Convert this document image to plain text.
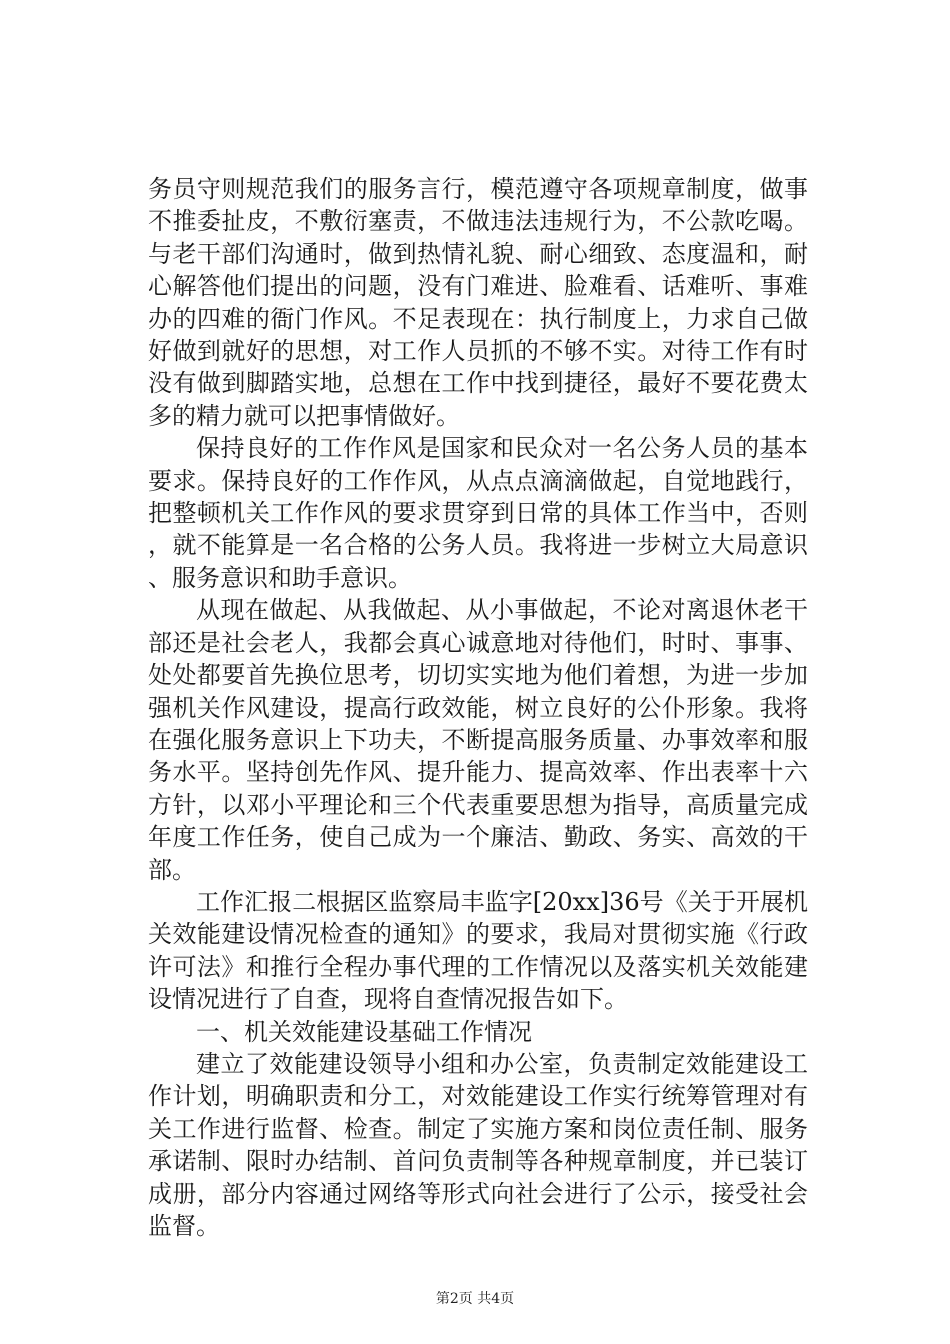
务员守则规范我们的服务言行，模范遵守各项规章制度，做事不推委扯皮，不敷衍塞责，不做违法违规行为，不公款吃喝。与老干部们沟通时，做到热情礼貌、耐心细致、态度温和，耐心解答他们提出的问题，没有门难进、脸难看、话难听、事难办的四难的衙门作风。不足表现在：执行制度上，力求自己做好做到就好的思想，对工作人员抓的不够不实。对待工作有时没有做到脚踏实地，总想在工作中找到捷径，最好不要花费太多的精力就可以把事情做好。

保持良好的工作作风是国家和民众对一名公务人员的基本要求。保持良好的工作作风，从点点滴滴做起，自觉地践行，把整顿机关工作作风的要求贯穿到日常的具体工作当中，否则，就不能算是一名合格的公务人员。我将进一步树立大局意识、服务意识和助手意识。

从现在做起、从我做起、从小事做起，不论对离退休老干部还是社会老人，我都会真心诚意地对待他们，时时、事事、处处都要首先换位思考，切切实实地为他们着想，为进一步加强机关作风建设，提高行政效能，树立良好的公仆形象。我将在强化服务意识上下功夫，不断提高服务质量、办事效率和服务水平。坚持创先作风、提升能力、提高效率、作出表率十六方针，以邓小平理论和三个代表重要思想为指导，高质量完成年度工作任务，使自己成为一个廉洁、勤政、务实、高效的干部。

工作汇报二根据区监察局丰监字[20xx]36号《关于开展机关效能建设情况检查的通知》的要求，我局对贯彻实施《行政许可法》和推行全程办事代理的工作情况以及落实机关效能建设情况进行了自查，现将自查情况报告如下。

一、机关效能建设基础工作情况

建立了效能建设领导小组和办公室，负责制定效能建设工作计划，明确职责和分工，对效能建设工作实行统筹管理对有关工作进行监督、检查。制定了实施方案和岗位责任制、服务承诺制、限时办结制、首问负责制等各种规章制度，并已装订成册，部分内容通过网络等形式向社会进行了公示，接受社会监督。

第2页 共4页
